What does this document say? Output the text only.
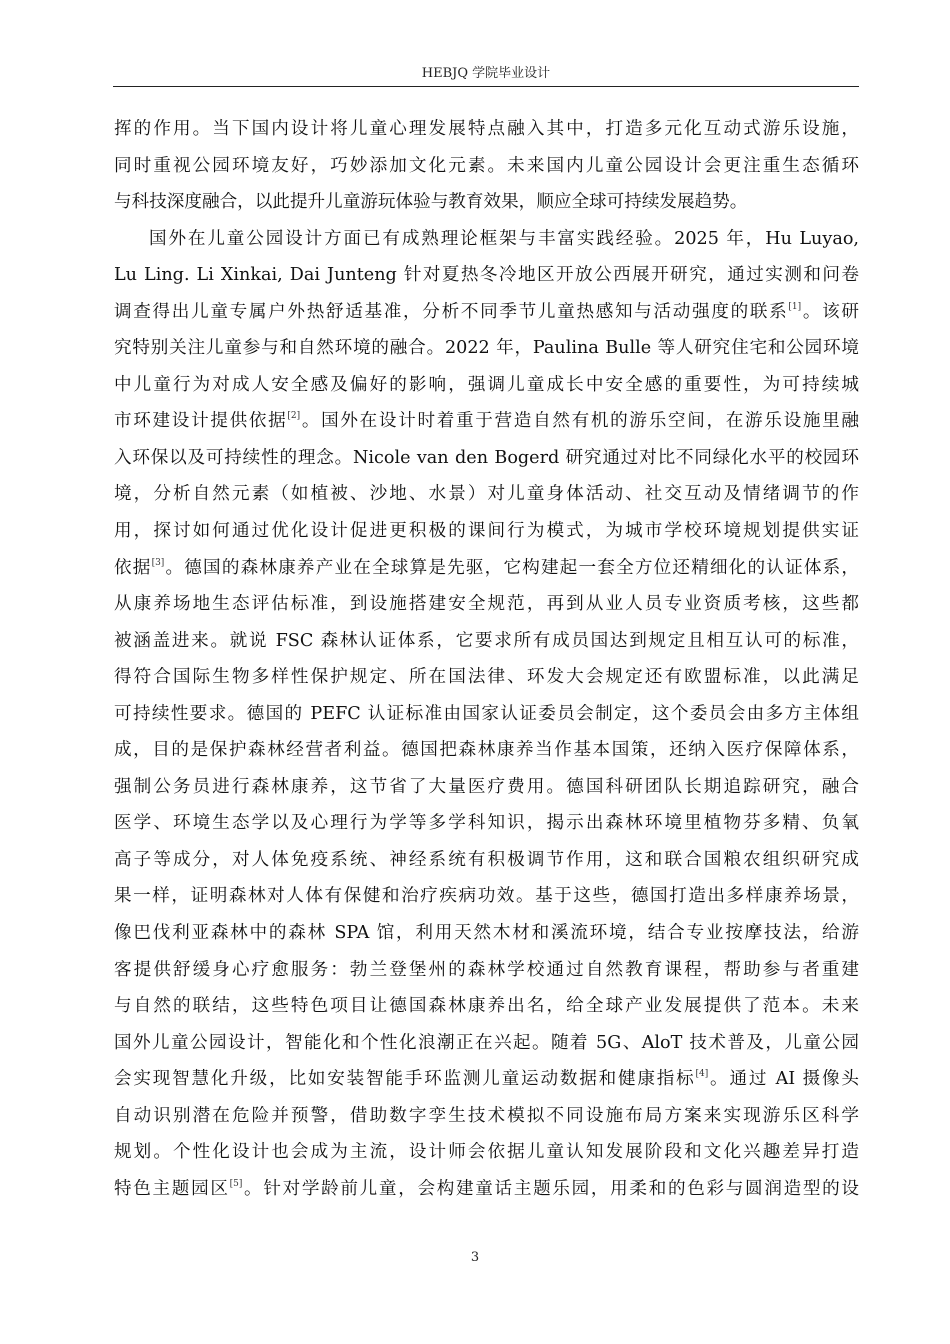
HEBJQ 学院毕业设计
挥的作用。当下国内设计将儿童心理发展特点融入其中，打造多元化互动式游乐设施，
同时重视公园环境友好，巧妙添加文化元素。未来国内儿童公园设计会更注重生态循环
与科技深度融合，以此提升儿童游玩体验与教育效果，顺应全球可持续发展趋势。
国外在儿童公园设计方面已有成熟理论框架与丰富实践经验。2025 年，Hu Luyao,
Lu Ling. Li Xinkai, Dai Junteng 针对夏热冬冷地区开放公西展开研究，通过实测和问卷
调查得出儿童专属户外热舒适基准，分析不同季节儿童热感知与活动强度的联系[1]。该研
究特别关注儿童参与和自然环境的融合。2022 年，Paulina Bulle 等人研究住宅和公园环境
中儿童行为对成人安全感及偏好的影响，强调儿童成长中安全感的重要性，为可持续城
市环建设计提供依据[2]。国外在设计时着重于营造自然有机的游乐空间，在游乐设施里融
入环保以及可持续性的理念。Nicole van den Bogerd 研究通过对比不同绿化水平的校园环
境，分析自然元素（如植被、沙地、水景）对儿童身体活动、社交互动及情绪调节的作
用，探讨如何通过优化设计促进更积极的课间行为模式，为城市学校环境规划提供实证
依据[3]。德国的森林康养产业在全球算是先驱，它构建起一套全方位还精细化的认证体系，
从康养场地生态评估标准，到设施搭建安全规范，再到从业人员专业资质考核，这些都
被涵盖进来。就说 FSC 森林认证体系，它要求所有成员国达到规定且相互认可的标准，
得符合国际生物多样性保护规定、所在国法律、环发大会规定还有欧盟标准，以此满足
可持续性要求。德国的 PEFC 认证标准由国家认证委员会制定，这个委员会由多方主体组
成，目的是保护森林经营者利益。德国把森林康养当作基本国策，还纳入医疗保障体系，
强制公务员进行森林康养，这节省了大量医疗费用。德国科研团队长期追踪研究，融合
医学、环境生态学以及心理行为学等多学科知识，揭示出森林环境里植物芬多精、负氧
高子等成分，对人体免疫系统、神经系统有积极调节作用，这和联合国粮农组织研究成
果一样，证明森林对人体有保健和治疗疾病功效。基于这些，德国打造出多样康养场景，
像巴伐利亚森林中的森林 SPA 馆，利用天然木材和溪流环境，结合专业按摩技法，给游
客提供舒缓身心疗愈服务：勃兰登堡州的森林学校通过自然教育课程，帮助参与者重建
与自然的联结，这些特色项目让德国森林康养出名，给全球产业发展提供了范本。未来
国外儿童公园设计，智能化和个性化浪潮正在兴起。随着 5G、AloT 技术普及，儿童公园
会实现智慧化升级，比如安装智能手环监测儿童运动数据和健康指标[4]。通过 AI 摄像头
自动识别潜在危险并预警，借助数字孪生技术模拟不同设施布局方案来实现游乐区科学
规划。个性化设计也会成为主流，设计师会依据儿童认知发展阶段和文化兴趣差异打造
特色主题园区[5]。针对学龄前儿童，会构建童话主题乐园，用柔和的色彩与圆润造型的设
3
